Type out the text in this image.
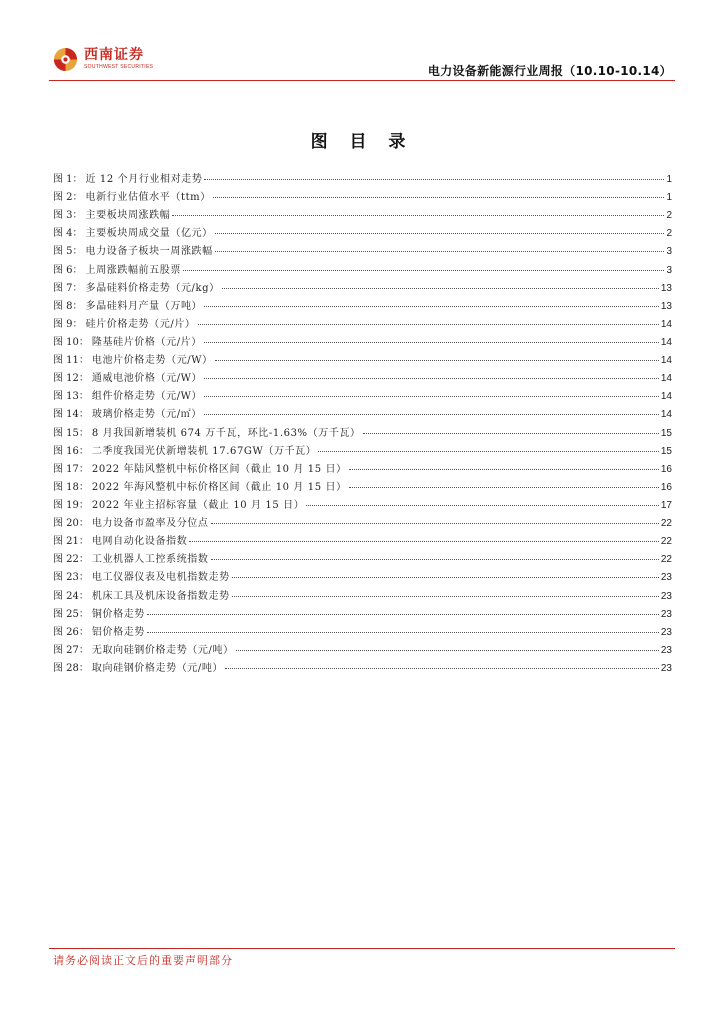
西南证券
SOUTHWEST SECURITIES	电力设备新能源行业周报（10.10-10.14）
图 目 录
图 1： 近 12 个月行业相对走势	1
图 2： 电新行业估值水平（ttm）	1
图 3： 主要板块周涨跌幅	2
图 4： 主要板块周成交量（亿元）	2
图 5： 电力设备子板块一周涨跌幅	3
图 6： 上周涨跌幅前五股票	3
图 7： 多晶硅料价格走势（元/kg）	13
图 8： 多晶硅料月产量（万吨）	13
图 9： 硅片价格走势（元/片）	14
图 10： 隆基硅片价格（元/片）	14
图 11： 电池片价格走势（元/W）	14
图 12： 通威电池价格（元/W）	14
图 13： 组件价格走势（元/W）	14
图 14： 玻璃价格走势（元/㎡）	14
图 15： 8 月我国新增装机 674 万千瓦，环比-1.63%（万千瓦）	15
图 16： 二季度我国光伏新增装机 17.67GW（万千瓦）	15
图 17： 2022 年陆风整机中标价格区间（截止 10 月 15 日）	16
图 18： 2022 年海风整机中标价格区间（截止 10 月 15 日）	16
图 19： 2022 年业主招标容量（截止 10 月 15 日）	17
图 20： 电力设备市盈率及分位点	22
图 21： 电网自动化设备指数	22
图 22： 工业机器人工控系统指数	22
图 23： 电工仪器仪表及电机指数走势	23
图 24： 机床工具及机床设备指数走势	23
图 25： 铜价格走势	23
图 26： 铝价格走势	23
图 27： 无取向硅钢价格走势（元/吨）	23
图 28： 取向硅钢价格走势（元/吨）	23
请务必阅读正文后的重要声明部分
